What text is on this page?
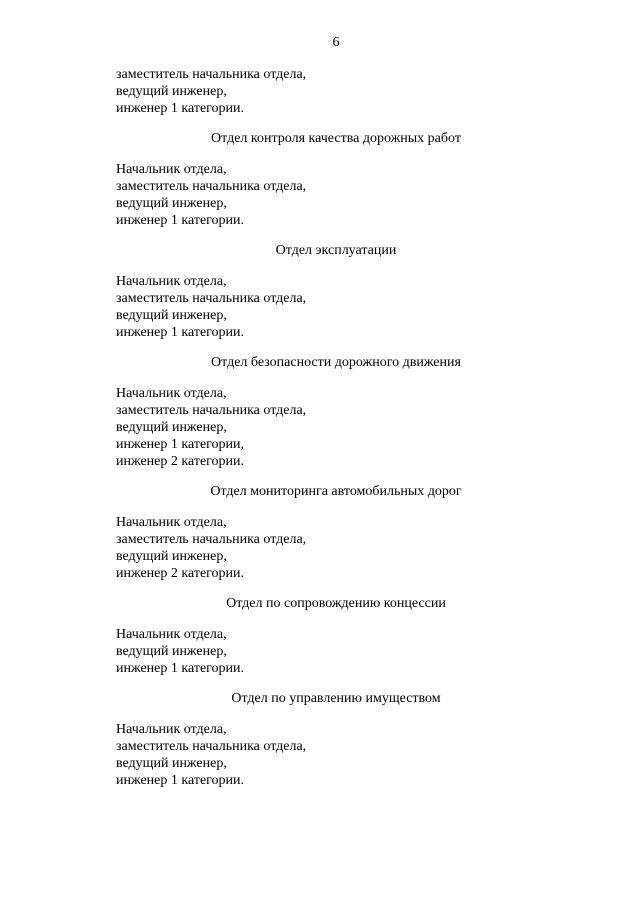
6
заместитель начальника отдела,
ведущий инженер,
инженер 1 категории.
Отдел контроля качества дорожных работ
Начальник отдела,
заместитель начальника отдела,
ведущий инженер,
инженер 1 категории.
Отдел эксплуатации
Начальник отдела,
заместитель начальника отдела,
ведущий инженер,
инженер 1 категории.
Отдел безопасности дорожного движения
Начальник отдела,
заместитель начальника отдела,
ведущий инженер,
инженер 1 категории,
инженер 2 категории.
Отдел мониторинга автомобильных дорог
Начальник отдела,
заместитель начальника отдела,
ведущий инженер,
инженер 2 категории.
Отдел по сопровождению концессии
Начальник отдела,
ведущий инженер,
инженер 1 категории.
Отдел по управлению имуществом
Начальник отдела,
заместитель начальника отдела,
ведущий инженер,
инженер 1 категории.
